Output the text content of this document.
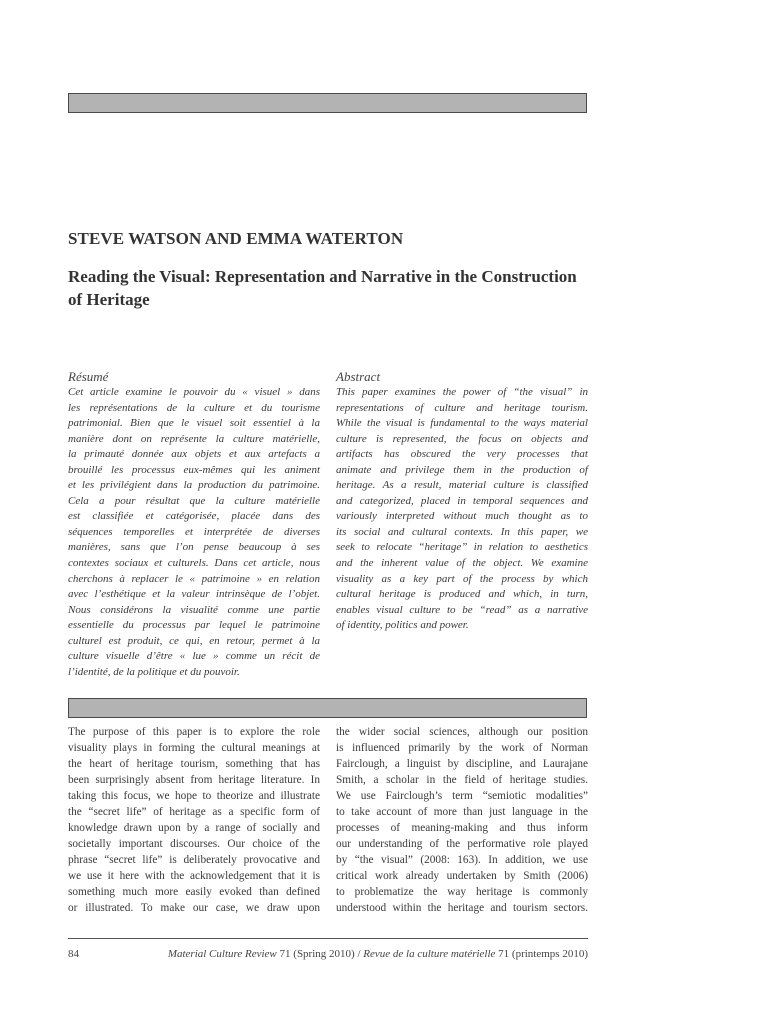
STEVE WATSON AND EMMA WATERTON
Reading the Visual: Representation and Narrative in the Construction of Heritage
Résumé
Cet article examine le pouvoir du « visuel » dans
les représentations de la culture et du tourisme
patrimonial. Bien que le visuel soit essentiel à la
manière dont on représente la culture matérielle,
la primauté donnée aux objets et aux artefacts a
brouillé les processus eux-mêmes qui les animent
et les privilégient dans la production du patrimoine.
Cela a pour résultat que la culture matérielle
est classifiée et catégorisée, placée dans des
séquences temporelles et interprétée de diverses
manières, sans que l’on pense beaucoup à ses
contextes sociaux et culturels. Dans cet article, nous
cherchons à replacer le « patrimoine » en relation
avec l’esthétique et la valeur intrinsèque de l’objet.
Nous considérons la visualité comme une partie
essentielle du processus par lequel le patrimoine
culturel est produit, ce qui, en retour, permet à la
culture visuelle d’être « lue » comme un récit de
l’identité, de la politique et du pouvoir.
Abstract
This paper examines the power of “the visual” in
representations of culture and heritage tourism.
While the visual is fundamental to the ways material
culture is represented, the focus on objects and
artifacts has obscured the very processes that
animate and privilege them in the production of
heritage. As a result, material culture is classified
and categorized, placed in temporal sequences and
variously interpreted without much thought as to
its social and cultural contexts. In this paper, we
seek to relocate “heritage” in relation to aesthetics
and the inherent value of the object. We examine
visuality as a key part of the process by which
cultural heritage is produced and which, in turn,
enables visual culture to be “read” as a narrative
of identity, politics and power.
The purpose of this paper is to explore the role
visuality plays in forming the cultural meanings at
the heart of heritage tourism, something that has
been surprisingly absent from heritage literature. In
taking this focus, we hope to theorize and illustrate
the “secret life” of heritage as a specific form of
knowledge drawn upon by a range of socially and
societally important discourses. Our choice of the
phrase “secret life” is deliberately provocative and
we use it here with the acknowledgement that it is
something much more easily evoked than defined
or illustrated. To make our case, we draw upon
the wider social sciences, although our position
is influenced primarily by the work of Norman
Fairclough, a linguist by discipline, and Laurajane
Smith, a scholar in the field of heritage studies.
We use Fairclough’s term “semiotic modalities”
to take account of more than just language in the
processes of meaning-making and thus inform
our understanding of the performative role played
by “the visual” (2008: 163). In addition, we use
critical work already undertaken by Smith (2006)
to problematize the way heritage is commonly
understood within the heritage and tourism sectors.
84	Material Culture Review 71 (Spring 2010) / Revue de la culture matérielle 71 (printemps 2010)
